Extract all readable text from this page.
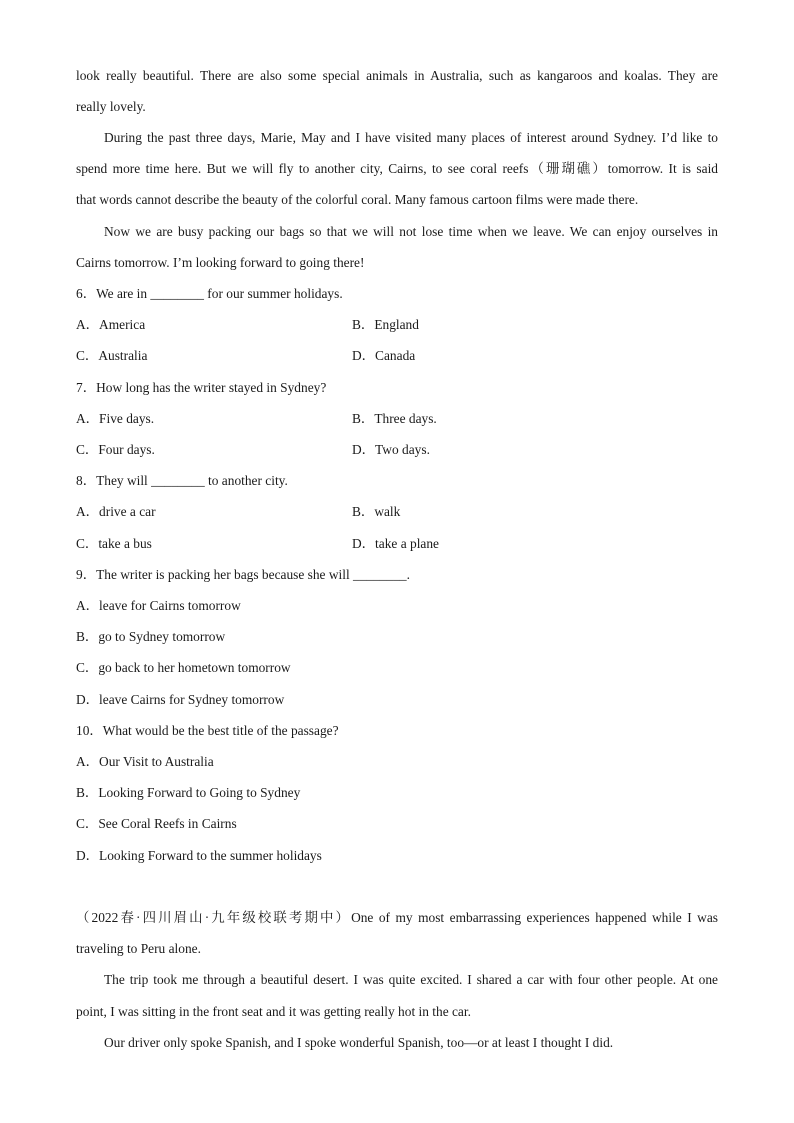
look really beautiful. There are also some special animals in Australia, such as kangaroos and koalas. They are
really lovely.
During the past three days, Marie, May and I have visited many places of interest around Sydney. I’d like to
spend more time here. But we will fly to another city, Cairns, to see coral reefs（珊瑚礁）tomorrow. It is said
that words cannot describe the beauty of the colorful coral. Many famous cartoon films were made there.
Now we are busy packing our bags so that we will not lose time when we leave. We can enjoy ourselves in
Cairns tomorrow. I’m looking forward to going there!
6．We are in ________ for our summer holidays.
A．America	B．England
C．Australia	D．Canada
7．How long has the writer stayed in Sydney?
A．Five days.	B．Three days.
C．Four days.	D．Two days.
8．They will ________ to another city.
A．drive a car	B．walk
C．take a bus	D．take a plane
9．The writer is packing her bags because she will ________.
A．leave for Cairns tomorrow
B．go to Sydney tomorrow
C．go back to her hometown tomorrow
D．leave Cairns for Sydney tomorrow
10．What would be the best title of the passage?
A．Our Visit to Australia
B．Looking Forward to Going to Sydney
C．See Coral Reefs in Cairns
D．Looking Forward to the summer holidays
（2022春·四川眉山·九年级校联考期中）One of my most embarrassing experiences happened while I was
traveling to Peru alone.
The trip took me through a beautiful desert. I was quite excited. I shared a car with four other people. At one
point, I was sitting in the front seat and it was getting really hot in the car.
Our driver only spoke Spanish, and I spoke wonderful Spanish, too—or at least I thought I did.
